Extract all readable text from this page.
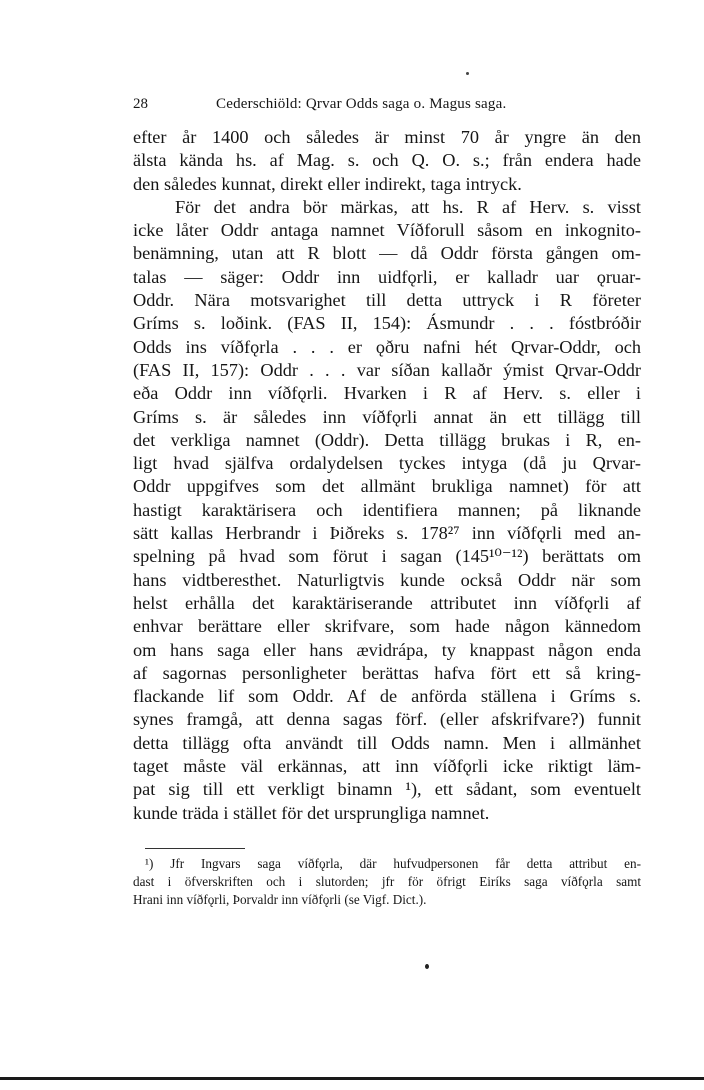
28	Cederschiöld: Qrvar Odds saga o. Magus saga.
efter år 1400 och således är minst 70 år yngre än den
älsta kända hs. af Mag. s. och Q. O. s.; från endera hade
den således kunnat, direkt eller indirekt, taga intryck.
För det andra bör märkas, att hs. R af Herv. s. visst
icke låter Oddr antaga namnet Víðforull såsom en inkognito-
benämning, utan att R blott — då Oddr första gången om-
talas — säger: Oddr inn uidfǫrli, er kalladr uar ǫruar-
Oddr. Nära motsvarighet till detta uttryck i R företer
Gríms s. loðink. (FAS II, 154): Ásmundr . . . fóstbróðir
Odds ins víðfǫrla . . . er ǫðru nafni hét Qrvar-Oddr, och
(FAS II, 157): Oddr . . . var síðan kallaðr ýmist Qrvar-Oddr
eða Oddr inn víðfǫrli. Hvarken i R af Herv. s. eller i
Gríms s. är således inn víðfǫrli annat än ett tillägg till
det verkliga namnet (Oddr). Detta tillägg brukas i R, en-
ligt hvad själfva ordalydelsen tyckes intyga (då ju Qrvar-
Oddr uppgifves som det allmänt brukliga namnet) för att
hastigt karaktärisera och identifiera mannen; på liknande
sätt kallas Herbrandr i Þiðreks s. 178²⁷ inn víðfǫrli med an-
spelning på hvad som förut i sagan (145¹⁰⁻¹²) berättats om
hans vidtberesthet. Naturligtvis kunde också Oddr när som
helst erhålla det karaktäriserande attributet inn víðfǫrli af
enhvar berättare eller skrifvare, som hade någon kännedom
om hans saga eller hans ævidrápa, ty knappast någon enda
af sagornas personligheter berättas hafva fört ett så kring-
flackande lif som Oddr. Af de anförda ställena i Gríms s.
synes framgå, att denna sagas förf. (eller afskrifvare?) funnit
detta tillägg ofta användt till Odds namn. Men i allmänhet
taget måste väl erkännas, att inn víðfǫrli icke riktigt läm-
pat sig till ett verkligt binamn ¹), ett sådant, som eventuelt
kunde träda i stället för det ursprungliga namnet.
¹) Jfr Ingvars saga víðfǫrla, där hufvudpersonen får detta attribut en-
dast i öfverskriften och i slutorden; jfr för öfrigt Eiríks saga víðfǫrla samt
Hrani inn víðfǫrli, Þorvaldr inn víðfǫrli (se Vigf. Dict.).
